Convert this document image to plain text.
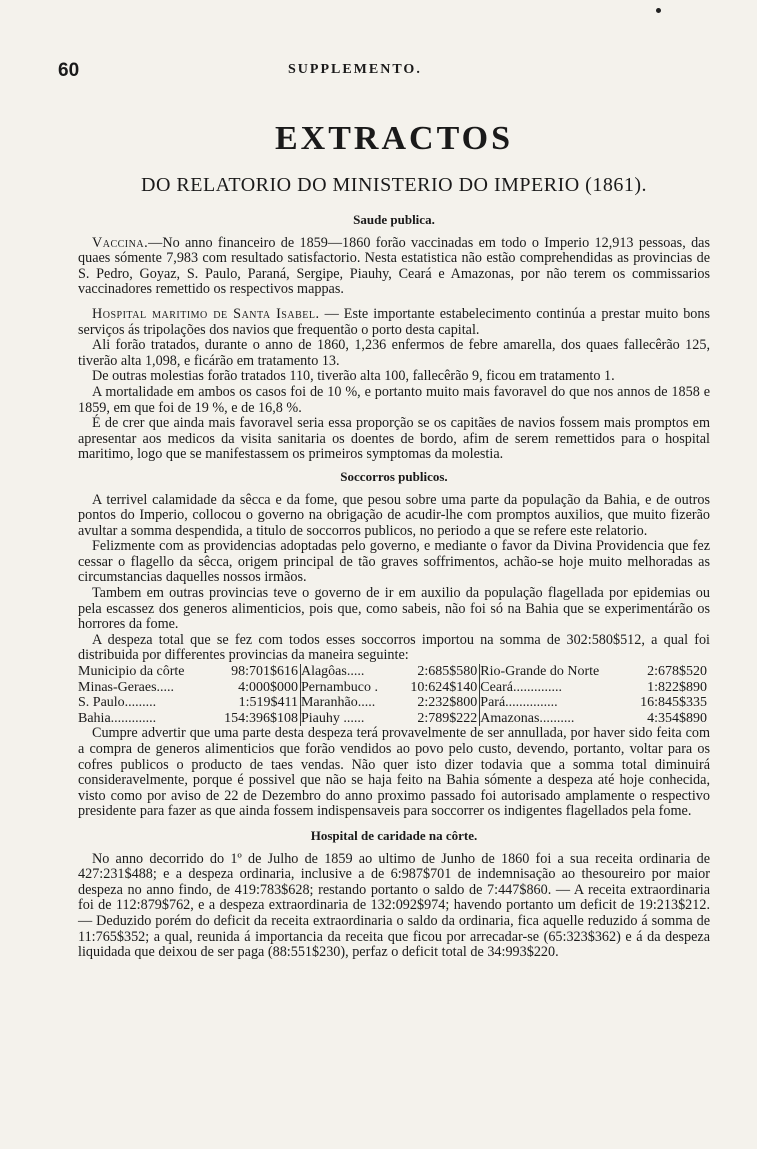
60	SUPPLEMENTO.
EXTRACTOS
DO RELATORIO DO MINISTERIO DO IMPERIO (1861).

Saude publica.

Vaccina.—No anno financeiro de 1859—1860 forão vaccinadas em todo o Imperio 12,913 pessoas, das quaes sómente 7,983 com resultado satisfactorio. Nesta estatistica não estão comprehendidas as provincias de S. Pedro, Goyaz, S. Paulo, Paraná, Sergipe, Piauhy, Ceará e Amazonas, por não terem os commissarios vaccinadores remettido os respectivos mappas.

Hospital maritimo de Santa Isabel. — Este importante estabelecimento continúa a prestar muito bons serviços ás tripolações dos navios que frequentão o porto desta capital.

Ali forão tratados, durante o anno de 1860, 1,236 enfermos de febre amarella, dos quaes fallecêrão 125, tiverão alta 1,098, e ficárão em tratamento 13.

De outras molestias forão tratados 110, tiverão alta 100, fallecêrão 9, ficou em tratamento 1.

A mortalidade em ambos os casos foi de 10 %, e portanto muito mais favoravel do que nos annos de 1858 e 1859, em que foi de 19 %, e de 16,8 %.

É de crer que ainda mais favoravel seria essa proporção se os capitães de navios fossem mais promptos em apresentar aos medicos da visita sanitaria os doentes de bordo, afim de serem remettidos para o hospital maritimo, logo que se manifestassem os primeiros symptomas da molestia.

Soccorros publicos.

A terrivel calamidade da sêcca e da fome, que pesou sobre uma parte da população da Bahia, e de outros pontos do Imperio, collocou o governo na obrigação de acudir-lhe com promptos auxilios, que muito fizerão avultar a somma despendida, a titulo de soccorros publicos, no periodo a que se refere este relatorio.

Felizmente com as providencias adoptadas pelo governo, e mediante o favor da Divina Providencia que fez cessar o flagello da sêcca, origem principal de tão graves soffrimentos, achão-se hoje muito melhoradas as circumstancias daquelles nossos irmãos.

Tambem em outras provincias teve o governo de ir em auxilio da população flagellada por epidemias ou pela escassez dos generos alimenticios, pois que, como sabeis, não foi só na Bahia que se experimentárão os horrores da fome.

A despeza total que se fez com todos esses soccorros importou na somma de 302:580$512, a qual foi distribuida por differentes provincias da maneira seguinte:

Municipio da côrte	98:701$616	Alagôas.....	2:685$580	Rio-Grande do Norte	2:678$520
Minas-Geraes.....	4:000$000	Pernambuco .	10:624$140	Ceará..............	1:822$890
S. Paulo.........	1:519$411	Maranhão.....	2:232$800	Pará...............	16:845$335
Bahia.............	154:396$108	Piauhy ......	2:789$222	Amazonas..........	4:354$890

Cumpre advertir que uma parte desta despeza terá provavelmente de ser annullada, por haver sido feita com a compra de generos alimenticios que forão vendidos ao povo pelo custo, devendo, portanto, voltar para os cofres publicos o producto de taes vendas. Não quer isto dizer todavia que a somma total diminuirá consideravelmente, porque é possivel que não se haja feito na Bahia sómente a despeza até hoje conhecida, visto como por aviso de 22 de Dezembro do anno proximo passado foi autorisado amplamente o respectivo presidente para fazer as que ainda fossem indispensaveis para soccorrer os indigentes flagellados pela fome.

Hospital de caridade na côrte.

No anno decorrido do 1º de Julho de 1859 ao ultimo de Junho de 1860 foi a sua receita ordinaria de 427:231$488; e a despeza ordinaria, inclusive a de 6:987$701 de indemnisação ao thesoureiro por maior despeza no anno findo, de 419:783$628; restando portanto o saldo de 7:447$860. — A receita extraordinaria foi de 112:879$762, e a despeza extraordinaria de 132:092$974; havendo portanto um deficit de 19:213$212. — Deduzido porém do deficit da receita extraordinaria o saldo da ordinaria, fica aquelle reduzido á somma de 11:765$352; a qual, reunida á importancia da receita que ficou por arrecadar-se (65:323$362) e á da despeza liquidada que deixou de ser paga (88:551$230), perfaz o deficit total de 34:993$220.
